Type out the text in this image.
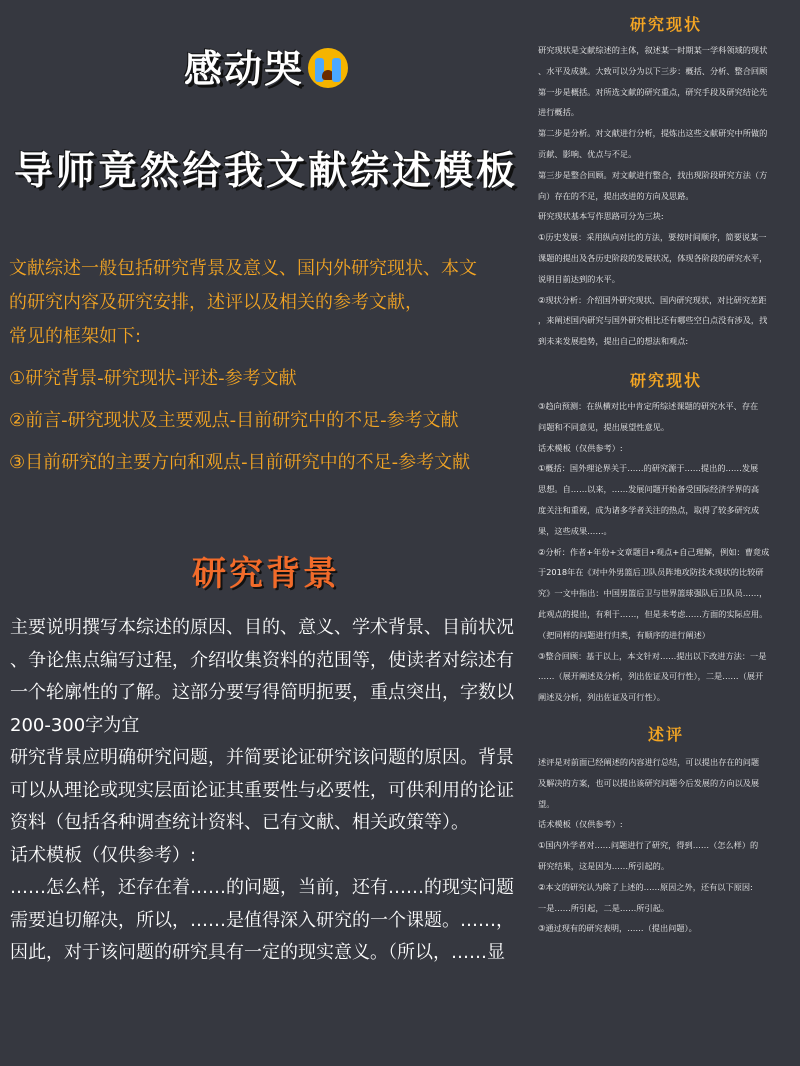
感动哭
导师竟然给我文献综述模板

文献综述一般包括研究背景及意义、国内外研究现状、本文

的研究内容及研究安排，述评以及相关的参考文献，

常见的框架如下:

①研究背景-研究现状-评述-参考文献

②前言-研究现状及主要观点-目前研究中的不足-参考文献

③目前研究的主要方向和观点-目前研究中的不足-参考文献

研究背景

主要说明撰写本综述的原因、目的、意义、学术背景、目前状况

、争论焦点编写过程，介绍收集资料的范围等，使读者对综述有

一个轮廓性的了解。这部分要写得简明扼要，重点突出，字数以

200-300字为宜

研究背景应明确研究问题，并简要论证研究该问题的原因。背景

可以从理论或现实层面论证其重要性与必要性，可供利用的论证

资料（包括各种调查统计资料、已有文献、相关政策等）。

话术模板（仅供参考）:

……怎么样，还存在着……的问题，当前，还有……的现实问题

需要迫切解决，所以，……是值得深入研究的一个课题。……，

因此，对于该问题的研究具有一定的现实意义。（所以，……显

研究现状

研究现状是文献综述的主体，叙述某一时期某一学科领域的现状

、水平及成就。大致可以分为以下三步：概括、分析、整合回顾

第一步是概括。对所选文献的研究重点，研究手段及研究结论先

进行概括。

第二步是分析。对文献进行分析，提炼出这些文献研究中所做的

贡献、影响、优点与不足。

第三步是整合回顾。对文献进行整合，找出现阶段研究方法（方

向）存在的不足，提出改进的方向及思路。

研究现状基本写作思路可分为三块:

①历史发展：采用纵向对比的方法，要按时间顺序，简要说某一

课题的提出及各历史阶段的发展状况，体现各阶段的研究水平，

说明目前达到的水平。

②现状分析：介绍国外研究现状、国内研究现状，对比研究差距

，来阐述国内研究与国外研究相比还有哪些空白点没有涉及，找

到未来发展趋势，提出自己的想法和观点:

研究现状

③趋向预测：在纵横对比中肯定所综述课题的研究水平、存在

问题和不同意见，提出展望性意见。

话术模板（仅供参考）:

①概括：国外理论界关于……的研究源于……提出的……发展

思想。自……以来，……发展问题开始备受国际经济学界的高

度关注和重视，成为诸多学者关注的热点，取得了较多研究成

果，这些成果……。

②分析：作者+年份+文章题目+观点+自己理解，例如：曹竟成

于2018年在《对中外男篮后卫队员阵地攻防技术现状的比较研

究》一文中指出：中国男篮后卫与世界篮球强队后卫队员……，

此观点的提出，有利于……，但是未考虑……方面的实际应用。

（把同样的问题进行归类，有顺序的进行阐述）

③整合回顾：基于以上，本文针对……提出以下改进方法：一是

……（展开阐述及分析，列出佐证及可行性），二是……（展开

阐述及分析，列出佐证及可行性）。

述评

述评是对前面已经阐述的内容进行总结，可以提出存在的问题

及解决的方案，也可以提出该研究问题今后发展的方向以及展

望。

话术模板（仅供参考）:

①国内外学者对……问题进行了研究，得到……（怎么样）的

研究结果，这是因为……所引起的。

②本文的研究认为除了上述的……原因之外，还有以下原因:

一是……所引起，二是……所引起。

③通过现有的研究表明，……（提出问题）。
